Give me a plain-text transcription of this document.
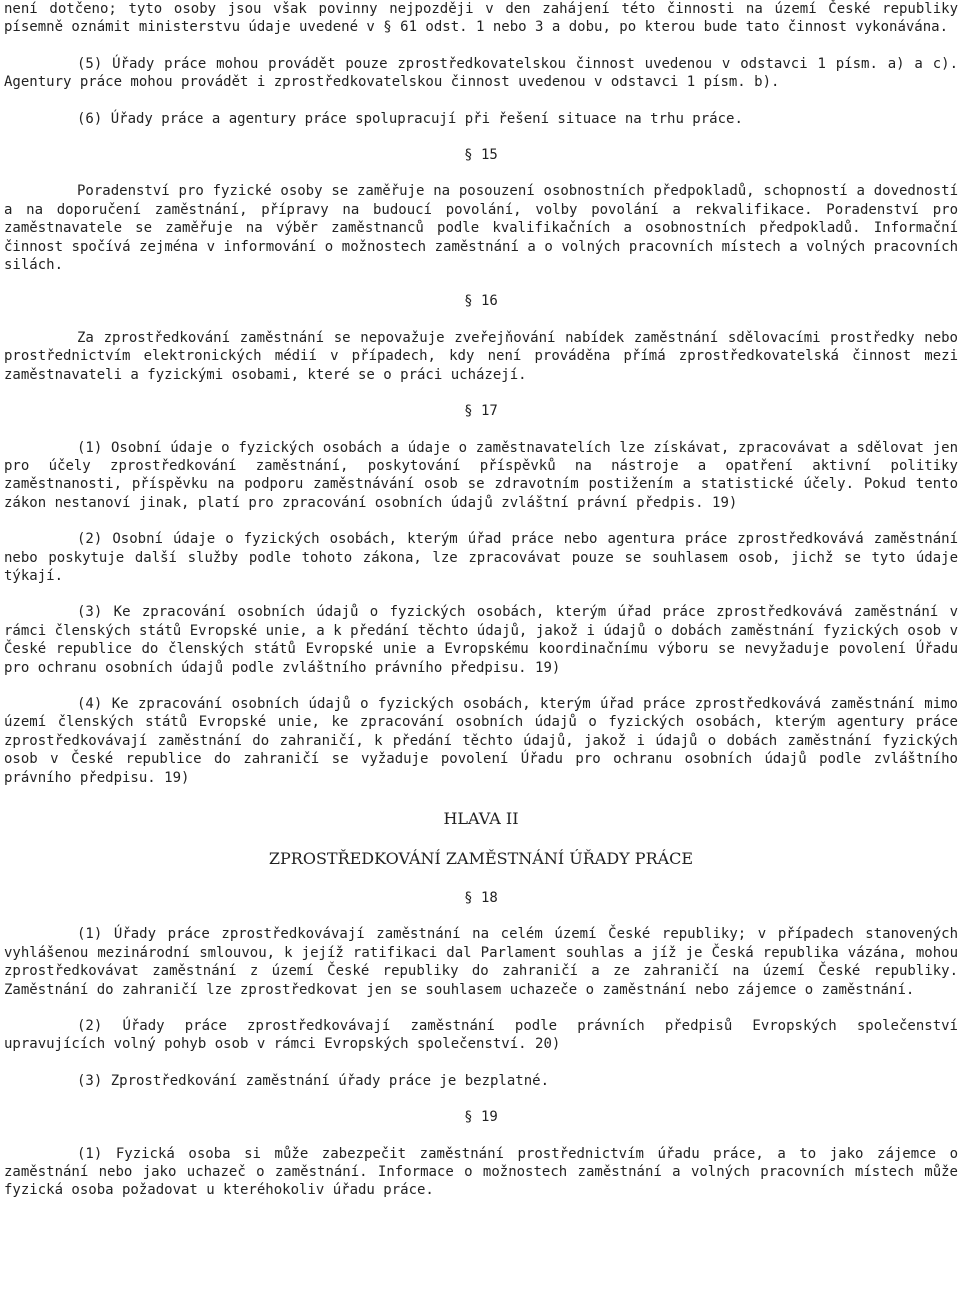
není dotčeno; tyto osoby jsou však povinny nejpozději v den zahájení této činnosti na území České republiky písemně oznámit ministerstvu údaje uvedené v § 61 odst. 1 nebo 3 a dobu, po kterou bude tato činnost vykonávána.

(5) Úřady práce mohou provádět pouze zprostředkovatelskou činnost uvedenou v odstavci 1 písm. a) a c). Agentury práce mohou provádět i zprostředkovatelskou činnost uvedenou v odstavci 1 písm. b).

(6) Úřady práce a agentury práce spolupracují při řešení situace na trhu práce.

§ 15

Poradenství pro fyzické osoby se zaměřuje na posouzení osobnostních předpokladů, schopností a dovedností a na doporučení zaměstnání, přípravy na budoucí povolání, volby povolání a rekvalifikace. Poradenství pro zaměstnavatele se zaměřuje na výběr zaměstnanců podle kvalifikačních a osobnostních předpokladů. Informační činnost spočívá zejména v informování o možnostech zaměstnání a o volných pracovních místech a volných pracovních silách.

§ 16

Za zprostředkování zaměstnání se nepovažuje zveřejňování nabídek zaměstnání sdělovacími prostředky nebo prostřednictvím elektronických médií v případech, kdy není prováděna přímá zprostředkovatelská činnost mezi zaměstnavateli a fyzickými osobami, které se o práci ucházejí.

§ 17

(1) Osobní údaje o fyzických osobách a údaje o zaměstnavatelích lze získávat, zpracovávat a sdělovat jen pro účely zprostředkování zaměstnání, poskytování příspěvků na nástroje a opatření aktivní politiky zaměstnanosti, příspěvku na podporu zaměstnávání osob se zdravotním postižením a statistické účely. Pokud tento zákon nestanoví jinak, platí pro zpracování osobních údajů zvláštní právní předpis. 19)

(2) Osobní údaje o fyzických osobách, kterým úřad práce nebo agentura práce zprostředkovává zaměstnání nebo poskytuje další služby podle tohoto zákona, lze zpracovávat pouze se souhlasem osob, jichž se tyto údaje týkají.

(3) Ke zpracování osobních údajů o fyzických osobách, kterým úřad práce zprostředkovává zaměstnání v rámci členských států Evropské unie, a k předání těchto údajů, jakož i údajů o dobách zaměstnání fyzických osob v České republice do členských států Evropské unie a Evropskému koordinačnímu výboru se nevyžaduje povolení Úřadu pro ochranu osobních údajů podle zvláštního právního předpisu. 19)

(4) Ke zpracování osobních údajů o fyzických osobách, kterým úřad práce zprostředkovává zaměstnání mimo území členských států Evropské unie, ke zpracování osobních údajů o fyzických osobách, kterým agentury práce zprostředkovávají zaměstnání do zahraničí, k předání těchto údajů, jakož i údajů o dobách zaměstnání fyzických osob v České republice do zahraničí se vyžaduje povolení Úřadu pro ochranu osobních údajů podle zvláštního právního předpisu. 19)

HLAVA II

ZPROSTŘEDKOVÁNÍ ZAMĚSTNÁNÍ ÚŘADY PRÁCE

§ 18

(1) Úřady práce zprostředkovávají zaměstnání na celém území České republiky; v případech stanovených vyhlášenou mezinárodní smlouvou, k jejíž ratifikaci dal Parlament souhlas a jíž je Česká republika vázána, mohou zprostředkovávat zaměstnání z území České republiky do zahraničí a ze zahraničí na území České republiky. Zaměstnání do zahraničí lze zprostředkovat jen se souhlasem uchazeče o zaměstnání nebo zájemce o zaměstnání.

(2) Úřady práce zprostředkovávají zaměstnání podle právních předpisů Evropských společenství upravujících volný pohyb osob v rámci Evropských společenství. 20)

(3) Zprostředkování zaměstnání úřady práce je bezplatné.

§ 19

(1) Fyzická osoba si může zabezpečit zaměstnání prostřednictvím úřadu práce, a to jako zájemce o zaměstnání nebo jako uchazeč o zaměstnání. Informace o možnostech zaměstnání a volných pracovních místech může fyzická osoba požadovat u kteréhokoliv úřadu práce.
